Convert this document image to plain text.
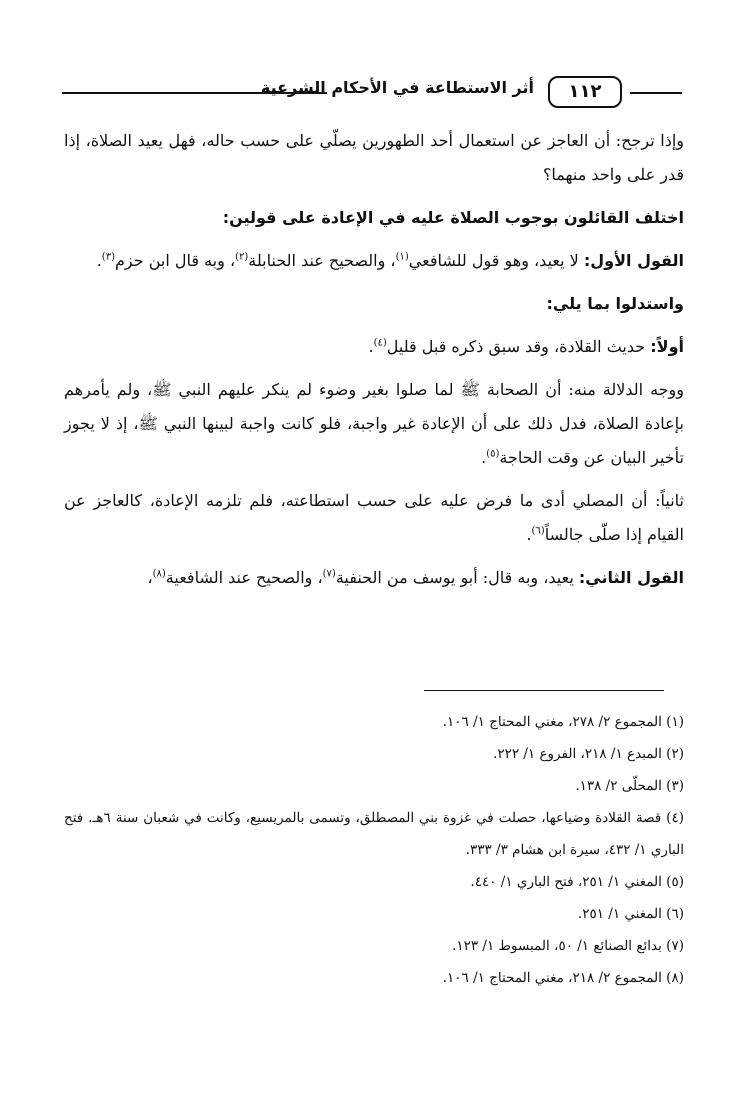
أثر الاستطاعة في الأحكام الشرعية	١١٢

وإذا ترجح: أن العاجز عن استعمال أحد الطهورين يصلّي على حسب حاله، فهل يعيد الصلاة، إذا قدر على واحد منهما؟

اختلف القائلون بوجوب الصلاة عليه في الإعادة على قولين:

القول الأول: لا يعيد، وهو قول للشافعي$^{(١)}$، والصحيح عند الحنابلة$^{(٢)}$، وبه قال ابن حزم$^{(٣)}$.

واستدلوا بما يلي:

أولاً: حديث القلادة، وقد سبق ذكره قبل قليل$^{(٤)}$.

ووجه الدلالة منه: أن الصحابة ﷺ لما صلوا بغير وضوء لم ينكر عليهم النبي ﷺ، ولم يأمرهم بإعادة الصلاة، فدل ذلك على أن الإعادة غير واجبة، فلو كانت واجبة لبينها النبي ﷺ، إذ لا يجوز تأخير البيان عن وقت الحاجة$^{(٥)}$.

ثانياً: أن المصلي أدى ما فرض عليه على حسب استطاعته، فلم تلزمه الإعادة، كالعاجز عن القيام إذا صلّى جالساً$^{(٦)}$.

القول الثاني: يعيد، وبه قال: أبو يوسف من الحنفية$^{(٧)}$، والصحيح عند الشافعية$^{(٨)}$،

(١) المجموع ٢/ ٢٧٨، مغني المحتاج ١/ ١٠٦.
(٢) المبدع ١/ ٢١٨، الفروع ١/ ٢٢٢.
(٣) المحلّى ٢/ ١٣٨.
(٤) قصة القلادة وضياعها، حصلت في غزوة بني المصطلق، وتسمى بالمريسيع، وكانت في شعبان سنة ٦هـ. فتح الباري ١/ ٤٣٢، سيرة ابن هشام ٣/ ٣٣٣.
(٥) المغني ١/ ٢٥١، فتح الباري ١/ ٤٤٠.
(٦) المغني ١/ ٢٥١.
(٧) بدائع الصنائع ١/ ٥٠، المبسوط ١/ ١٢٣.
(٨) المجموع ٢/ ٢١٨، مغني المحتاج ١/ ١٠٦.
